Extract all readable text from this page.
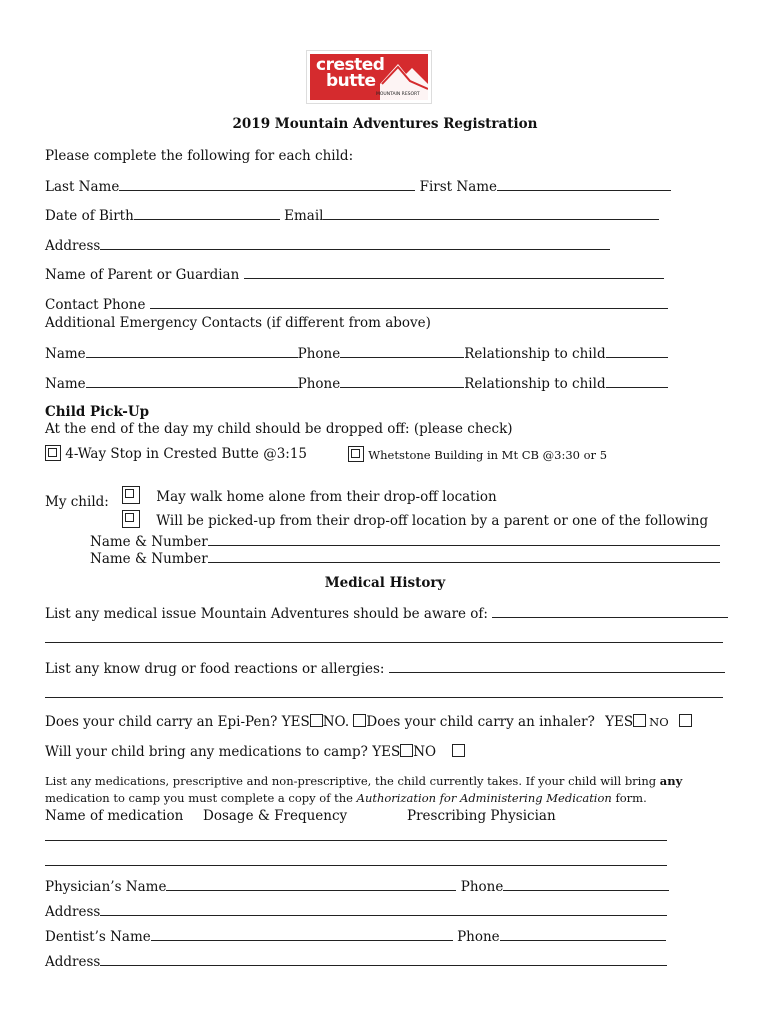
crested
butte
MOUNTAIN RESORT
2019 Mountain Adventures Registration
Please complete the following for each child:
Last Name	First Name
Date of Birth	Email
Address
Name of Parent or Guardian
Contact Phone
Additional Emergency Contacts (if different from above)
Name	Phone	Relationship to child
Name	Phone	Relationship to child
Child Pick-Up
At the end of the day my child should be dropped off: (please check)
4-Way Stop in Crested Butte @3:15	Whetstone Building in Mt CB @3:30 or 5
My child:	May walk home alone from their drop-off location
Will be picked-up from their drop-off location by a parent or one of the following
Name & Number
Name & Number
Medical History
List any medical issue Mountain Adventures should be aware of:
List any know drug or food reactions or allergies:
Does your child carry an Epi-Pen? YES NO. Does your child carry an inhaler? YES NO
Will your child bring any medications to camp? YES NO
List any medications, prescriptive and non-prescriptive, the child currently takes. If your child will bring any
medication to camp you must complete a copy of the Authorization for Administering Medication form.
Name of medication Dosage & Frequency	Prescribing Physician
Physician’s Name	Phone
Address
Dentist’s Name	Phone
Address
